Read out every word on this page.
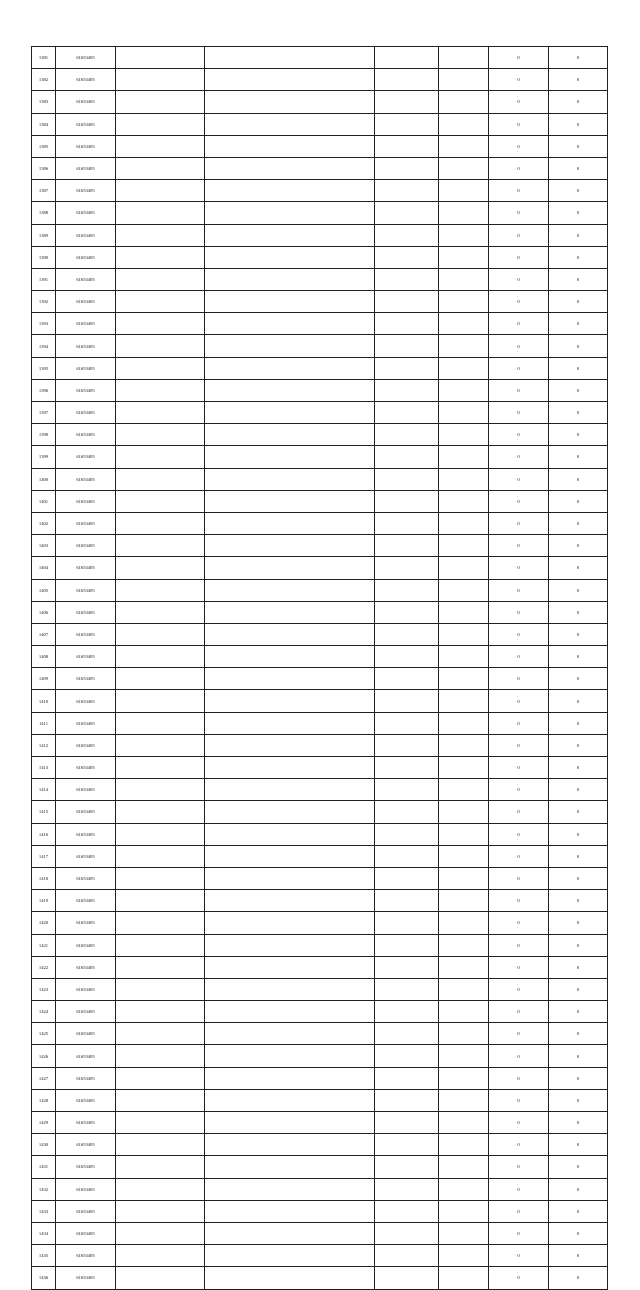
1381	61653405					0	0
1382	61653405					0	0
1383	61653405					0	0
1384	61653405					0	0
1385	61653405					0	0
1386	61653405					0	0
1387	61653405					0	0
1388	61653405					0	0
1389	61653405					0	0
1390	61653405					0	0
1391	61653405					0	0
1392	61653405					0	0
1393	61653405					0	0
1394	61653405					0	0
1395	61653405					0	0
1396	61653405					0	0
1397	61653405					0	0
1398	61653405					0	0
1399	61653405					0	0
1400	61653405					0	0
1401	61653405					0	0
1402	61653405					0	0
1403	61653405					0	0
1404	61653405					0	0
1405	61653405					0	0
1406	61653405					0	0
1407	61653405					0	0
1408	61653405					0	0
1409	61653405					0	0
1410	61653405					0	0
1411	61653405					0	0
1412	61653405					0	0
1413	61653405					0	0
1414	61653405					0	0
1415	61653405					0	0
1416	61653405					0	0
1417	61653405					0	0
1418	61653405					0	0
1419	61653405					0	0
1420	61653405					0	0
1421	61653405					0	0
1422	61653405					0	0
1423	61653405					0	0
1424	61653405					0	0
1425	61653405					0	0
1426	61653405					0	0
1427	61653405					0	0
1428	61653405					0	0
1429	61653405					0	0
1430	61653405					0	0
1431	61653405					0	0
1432	61653405					0	0
1433	61653405					0	0
1434	61653405					0	0
1435	61653405					0	0
1436	61653405					0	0
